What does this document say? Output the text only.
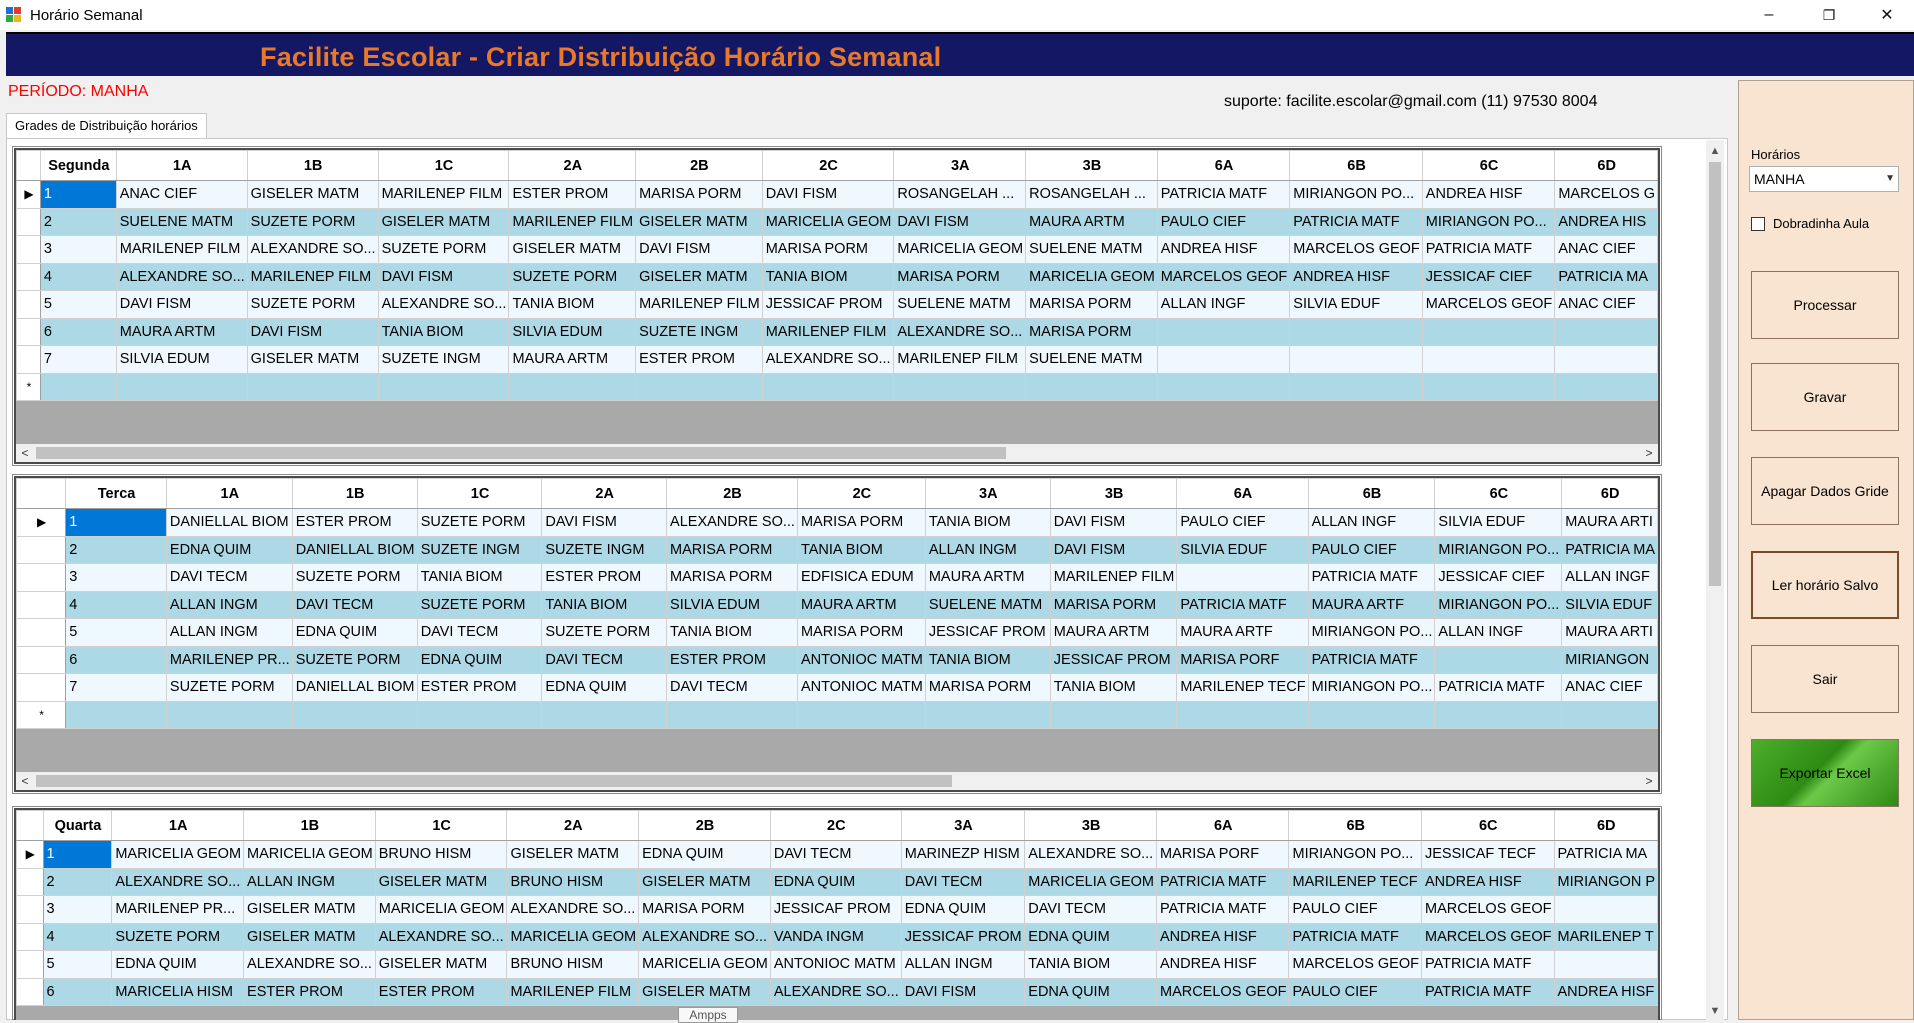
Horário Semanal	–	❐	✕
Facilite Escolar - Criar Distribuição Horário Semanal
PERÍODO: MANHA
suporte: facilite.escolar@gmail.com (11) 97530 8004
Grades de Distribuição horários
	Segunda	1A	1B	1C	2A	2B	2C	3A	3B	6A	6B	6C	6D
▶	1	ANAC CIEF	GISELER MATM	MARILENEP FILM	ESTER PROM	MARISA PORM	DAVI FISM	ROSANGELAH ...	ROSANGELAH ...	PATRICIA MATF	MIRIANGON PO...	ANDREA HISF	MARCELOS G
	2	SUELENE MATM	SUZETE PORM	GISELER MATM	MARILENEP FILM	GISELER MATM	MARICELIA GEOM	DAVI FISM	MAURA ARTM	PAULO CIEF	PATRICIA MATF	MIRIANGON PO...	ANDREA HIS
	3	MARILENEP FILM	ALEXANDRE SO...	SUZETE PORM	GISELER MATM	DAVI FISM	MARISA PORM	MARICELIA GEOM	SUELENE MATM	ANDREA HISF	MARCELOS GEOF	PATRICIA MATF	ANAC CIEF
	4	ALEXANDRE SO...	MARILENEP FILM	DAVI FISM	SUZETE PORM	GISELER MATM	TANIA BIOM	MARISA PORM	MARICELIA GEOM	MARCELOS GEOF	ANDREA HISF	JESSICAF CIEF	PATRICIA MA
	5	DAVI FISM	SUZETE PORM	ALEXANDRE SO...	TANIA BIOM	MARILENEP FILM	JESSICAF PROM	SUELENE MATM	MARISA PORM	ALLAN INGF	SILVIA EDUF	MARCELOS GEOF	ANAC CIEF
	6	MAURA ARTM	DAVI FISM	TANIA BIOM	SILVIA EDUM	SUZETE INGM	MARILENEP FILM	ALEXANDRE SO...	MARISA PORM				
	7	SILVIA EDUM	GISELER MATM	SUZETE INGM	MAURA ARTM	ESTER PROM	ALEXANDRE SO...	MARILENEP FILM	SUELENE MATM				
*													
<	>
	Terca	1A	1B	1C	2A	2B	2C	3A	3B	6A	6B	6C	6D
▶	1	DANIELLAL BIOM	ESTER PROM	SUZETE PORM	DAVI FISM	ALEXANDRE SO...	MARISA PORM	TANIA BIOM	DAVI FISM	PAULO CIEF	ALLAN INGF	SILVIA EDUF	MAURA ARTI
	2	EDNA QUIM	DANIELLAL BIOM	SUZETE INGM	SUZETE INGM	MARISA PORM	TANIA BIOM	ALLAN INGM	DAVI FISM	SILVIA EDUF	PAULO CIEF	MIRIANGON PO...	PATRICIA MA
	3	DAVI TECM	SUZETE PORM	TANIA BIOM	ESTER PROM	MARISA PORM	EDFISICA EDUM	MAURA ARTM	MARILENEP FILM		PATRICIA MATF	JESSICAF CIEF	ALLAN INGF
	4	ALLAN INGM	DAVI TECM	SUZETE PORM	TANIA BIOM	SILVIA EDUM	MAURA ARTM	SUELENE MATM	MARISA PORM	PATRICIA MATF	MAURA ARTF	MIRIANGON PO...	SILVIA EDUF
	5	ALLAN INGM	EDNA QUIM	DAVI TECM	SUZETE PORM	TANIA BIOM	MARISA PORM	JESSICAF PROM	MAURA ARTM	MAURA ARTF	MIRIANGON PO...	ALLAN INGF	MAURA ARTI
	6	MARILENEP PR...	SUZETE PORM	EDNA QUIM	DAVI TECM	ESTER PROM	ANTONIOC MATM	TANIA BIOM	JESSICAF PROM	MARISA PORF	PATRICIA MATF		MIRIANGON
	7	SUZETE PORM	DANIELLAL BIOM	ESTER PROM	EDNA QUIM	DAVI TECM	ANTONIOC MATM	MARISA PORM	TANIA BIOM	MARILENEP TECF	MIRIANGON PO...	PATRICIA MATF	ANAC CIEF
*													
<	>
	Quarta	1A	1B	1C	2A	2B	2C	3A	3B	6A	6B	6C	6D
▶	1	MARICELIA GEOM	MARICELIA GEOM	BRUNO HISM	GISELER MATM	EDNA QUIM	DAVI TECM	MARINEZP HISM	ALEXANDRE SO...	MARISA PORF	MIRIANGON PO...	JESSICAF TECF	PATRICIA MA
	2	ALEXANDRE SO...	ALLAN INGM	GISELER MATM	BRUNO HISM	GISELER MATM	EDNA QUIM	DAVI TECM	MARICELIA GEOM	PATRICIA MATF	MARILENEP TECF	ANDREA HISF	MIRIANGON P
	3	MARILENEP PR...	GISELER MATM	MARICELIA GEOM	ALEXANDRE SO...	MARISA PORM	JESSICAF PROM	EDNA QUIM	DAVI TECM	PATRICIA MATF	PAULO CIEF	MARCELOS GEOF	
	4	SUZETE PORM	GISELER MATM	ALEXANDRE SO...	MARICELIA GEOM	ALEXANDRE SO...	VANDA INGM	JESSICAF PROM	EDNA QUIM	ANDREA HISF	PATRICIA MATF	MARCELOS GEOF	MARILENEP T
	5	EDNA QUIM	ALEXANDRE SO...	GISELER MATM	BRUNO HISM	MARICELIA GEOM	ANTONIOC MATM	ALLAN INGM	TANIA BIOM	ANDREA HISF	MARCELOS GEOF	PATRICIA MATF	
	6	MARICELIA HISM	ESTER PROM	ESTER PROM	MARILENEP FILM	GISELER MATM	ALEXANDRE SO...	DAVI FISM	EDNA QUIM	MARCELOS GEOF	PAULO CIEF	PATRICIA MATF	ANDREA HISF
▲
▼
Horários
MANHA	▼
Dobradinha Aula
Processar
Gravar
Apagar Dados Gride
Ler horário Salvo
Sair
Exportar Excel
Ampps
